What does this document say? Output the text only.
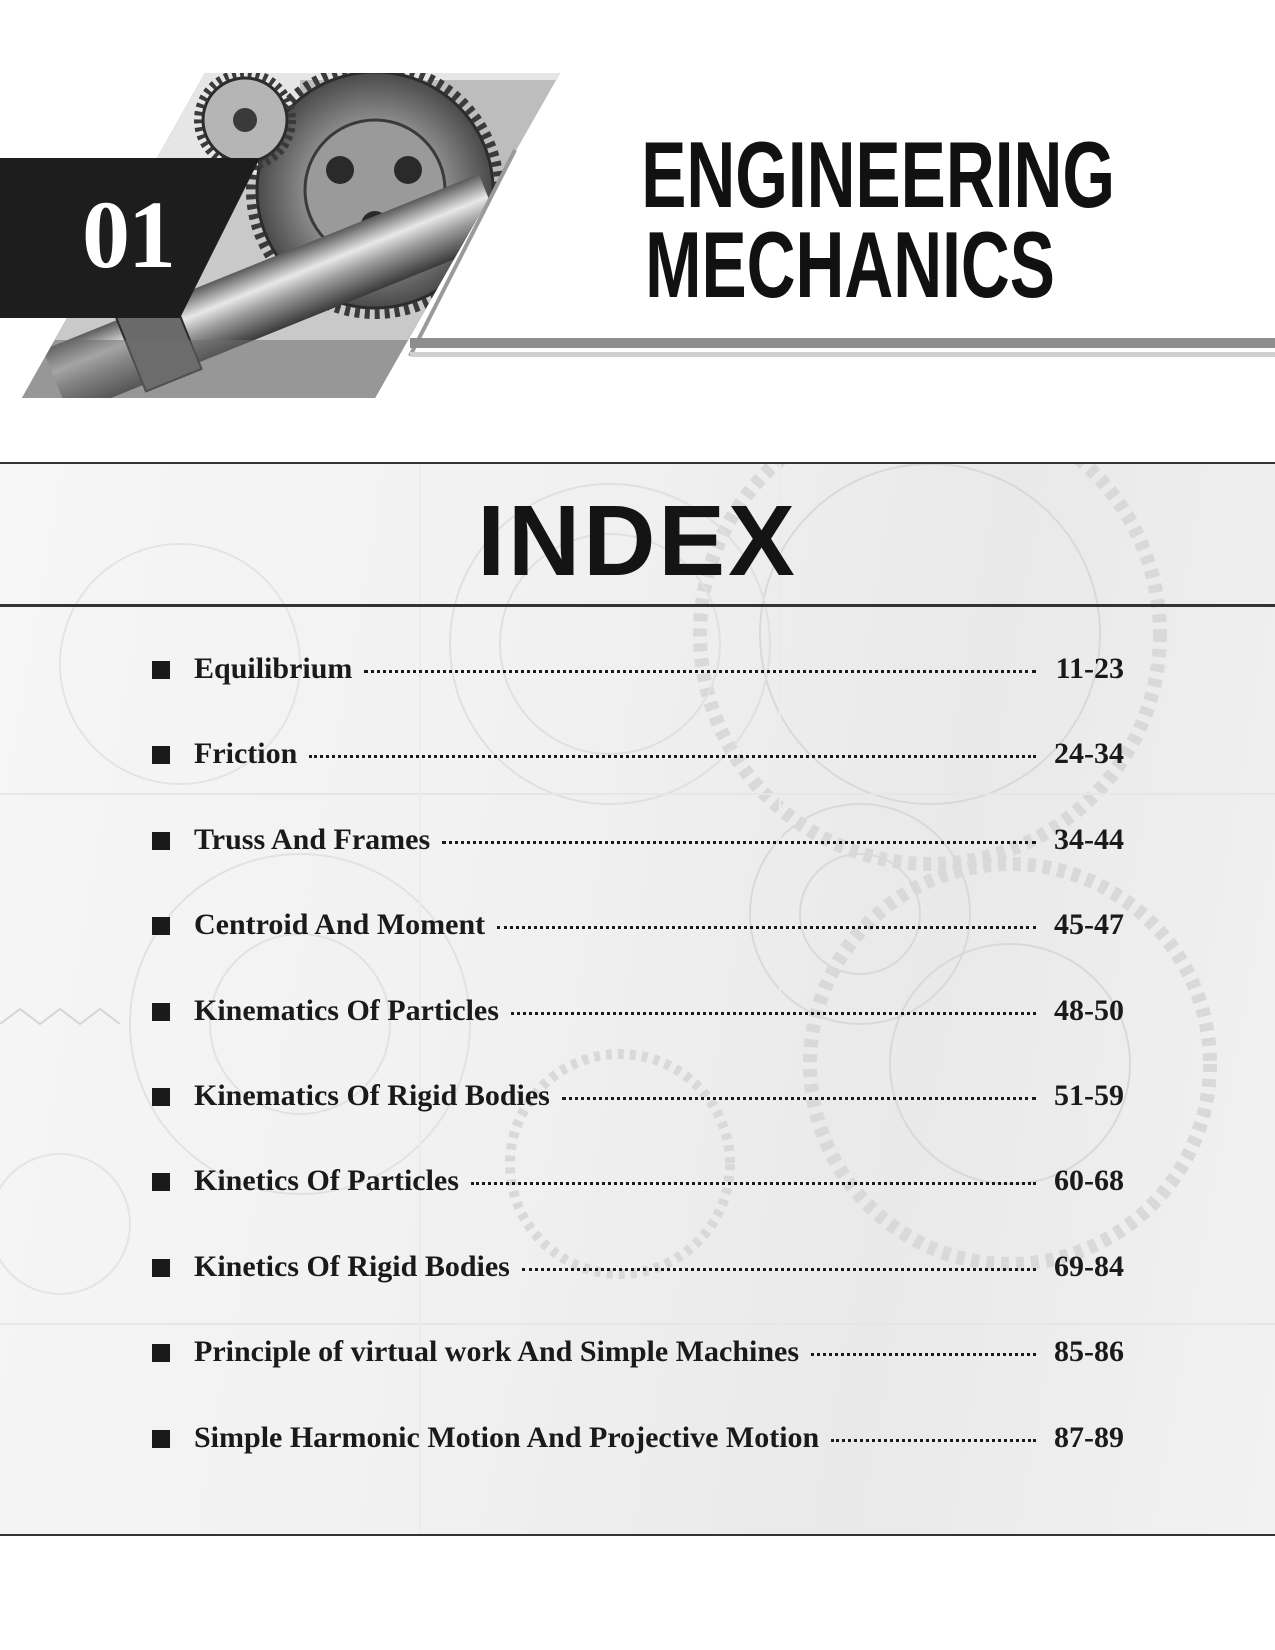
01
ENGINEERING
MECHANICS
INDEX
Equilibrium	11-23
Friction	24-34
Truss And Frames	34-44
Centroid And Moment	45-47
Kinematics Of Particles	48-50
Kinematics Of Rigid Bodies	51-59
Kinetics Of Particles	60-68
Kinetics Of Rigid Bodies	69-84
Principle of virtual work And Simple Machines	85-86
Simple Harmonic Motion And Projective Motion	87-89
